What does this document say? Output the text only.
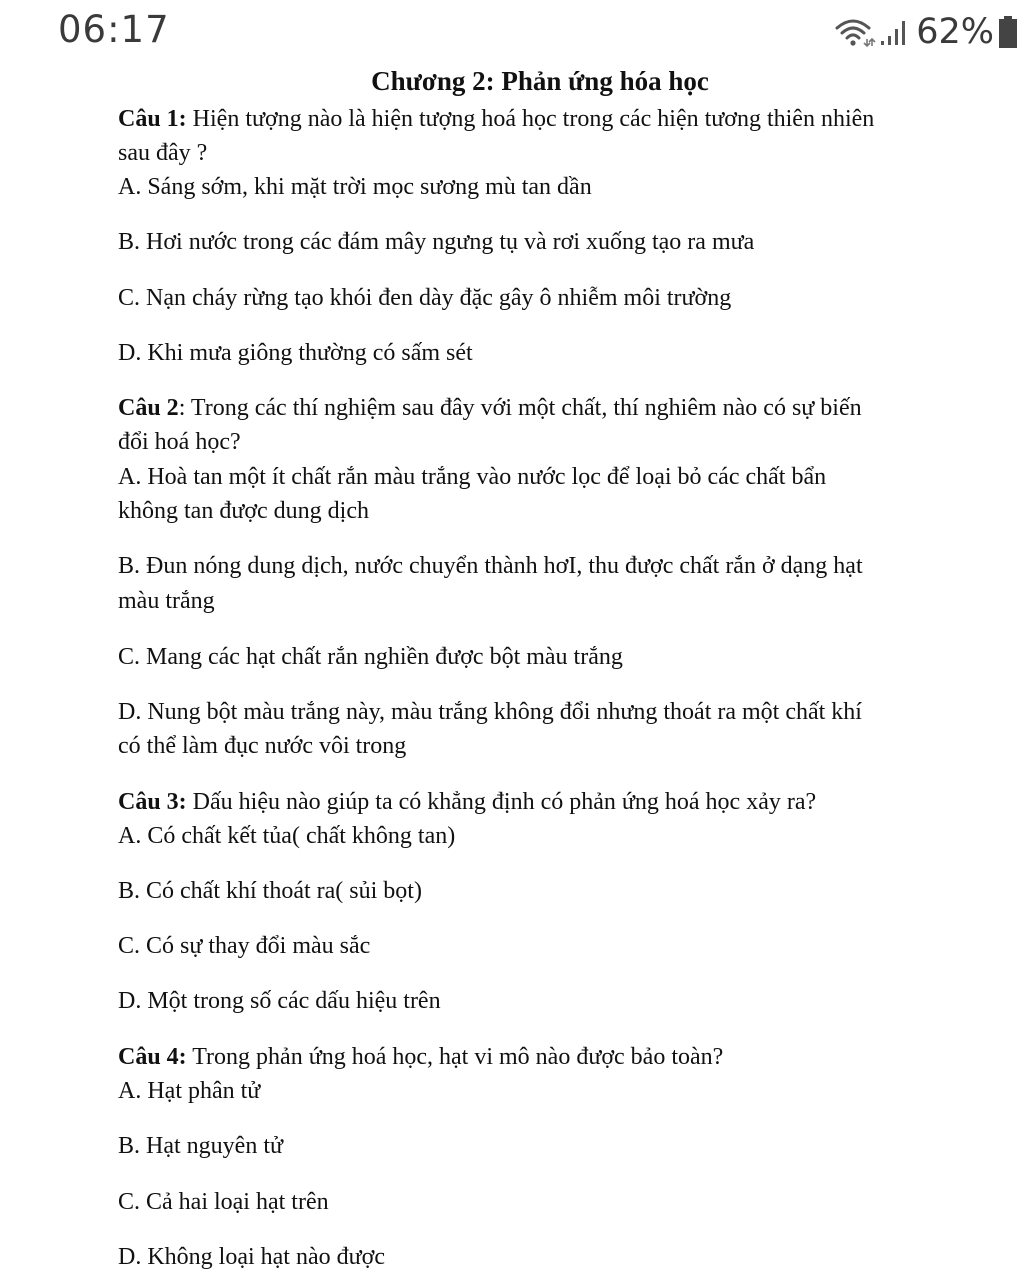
06:17	62%
Chương 2: Phản ứng hóa học
Câu 1: Hiện tượng nào là hiện tượng hoá học trong các hiện tương thiên nhiên
sau đây ?
A. Sáng sớm, khi mặt trời mọc sương mù tan dần
B. Hơi nước trong các đám mây ngưng tụ và rơi xuống tạo ra mưa
C. Nạn cháy rừng tạo khói đen dày đặc gây ô nhiễm môi trường
D. Khi mưa giông thường có sấm sét
Câu 2: Trong các thí nghiệm sau đây với một chất, thí nghiêm nào có sự biến
đổi hoá học?
A. Hoà tan một ít chất rắn màu trắng vào nước lọc để loại bỏ các chất bẩn
không tan được dung dịch
B. Đun nóng dung dịch, nước chuyển thành hơI, thu được chất rắn ở dạng hạt
màu trắng
C. Mang các hạt chất rắn nghiền được bột màu trắng
D. Nung bột màu trắng này, màu trắng không đổi nhưng thoát ra một chất khí
có thể làm đục nước vôi trong
Câu 3: Dấu hiệu nào giúp ta có khẳng định có phản ứng hoá học xảy ra?
A. Có chất kết tủa( chất không tan)
B. Có chất khí thoát ra( sủi bọt)
C. Có sự thay đổi màu sắc
D. Một trong số các dấu hiệu trên
Câu 4: Trong phản ứng hoá học, hạt vi mô nào được bảo toàn?
A. Hạt phân tử
B. Hạt nguyên tử
C. Cả hai loại hạt trên
D. Không loại hạt nào được
